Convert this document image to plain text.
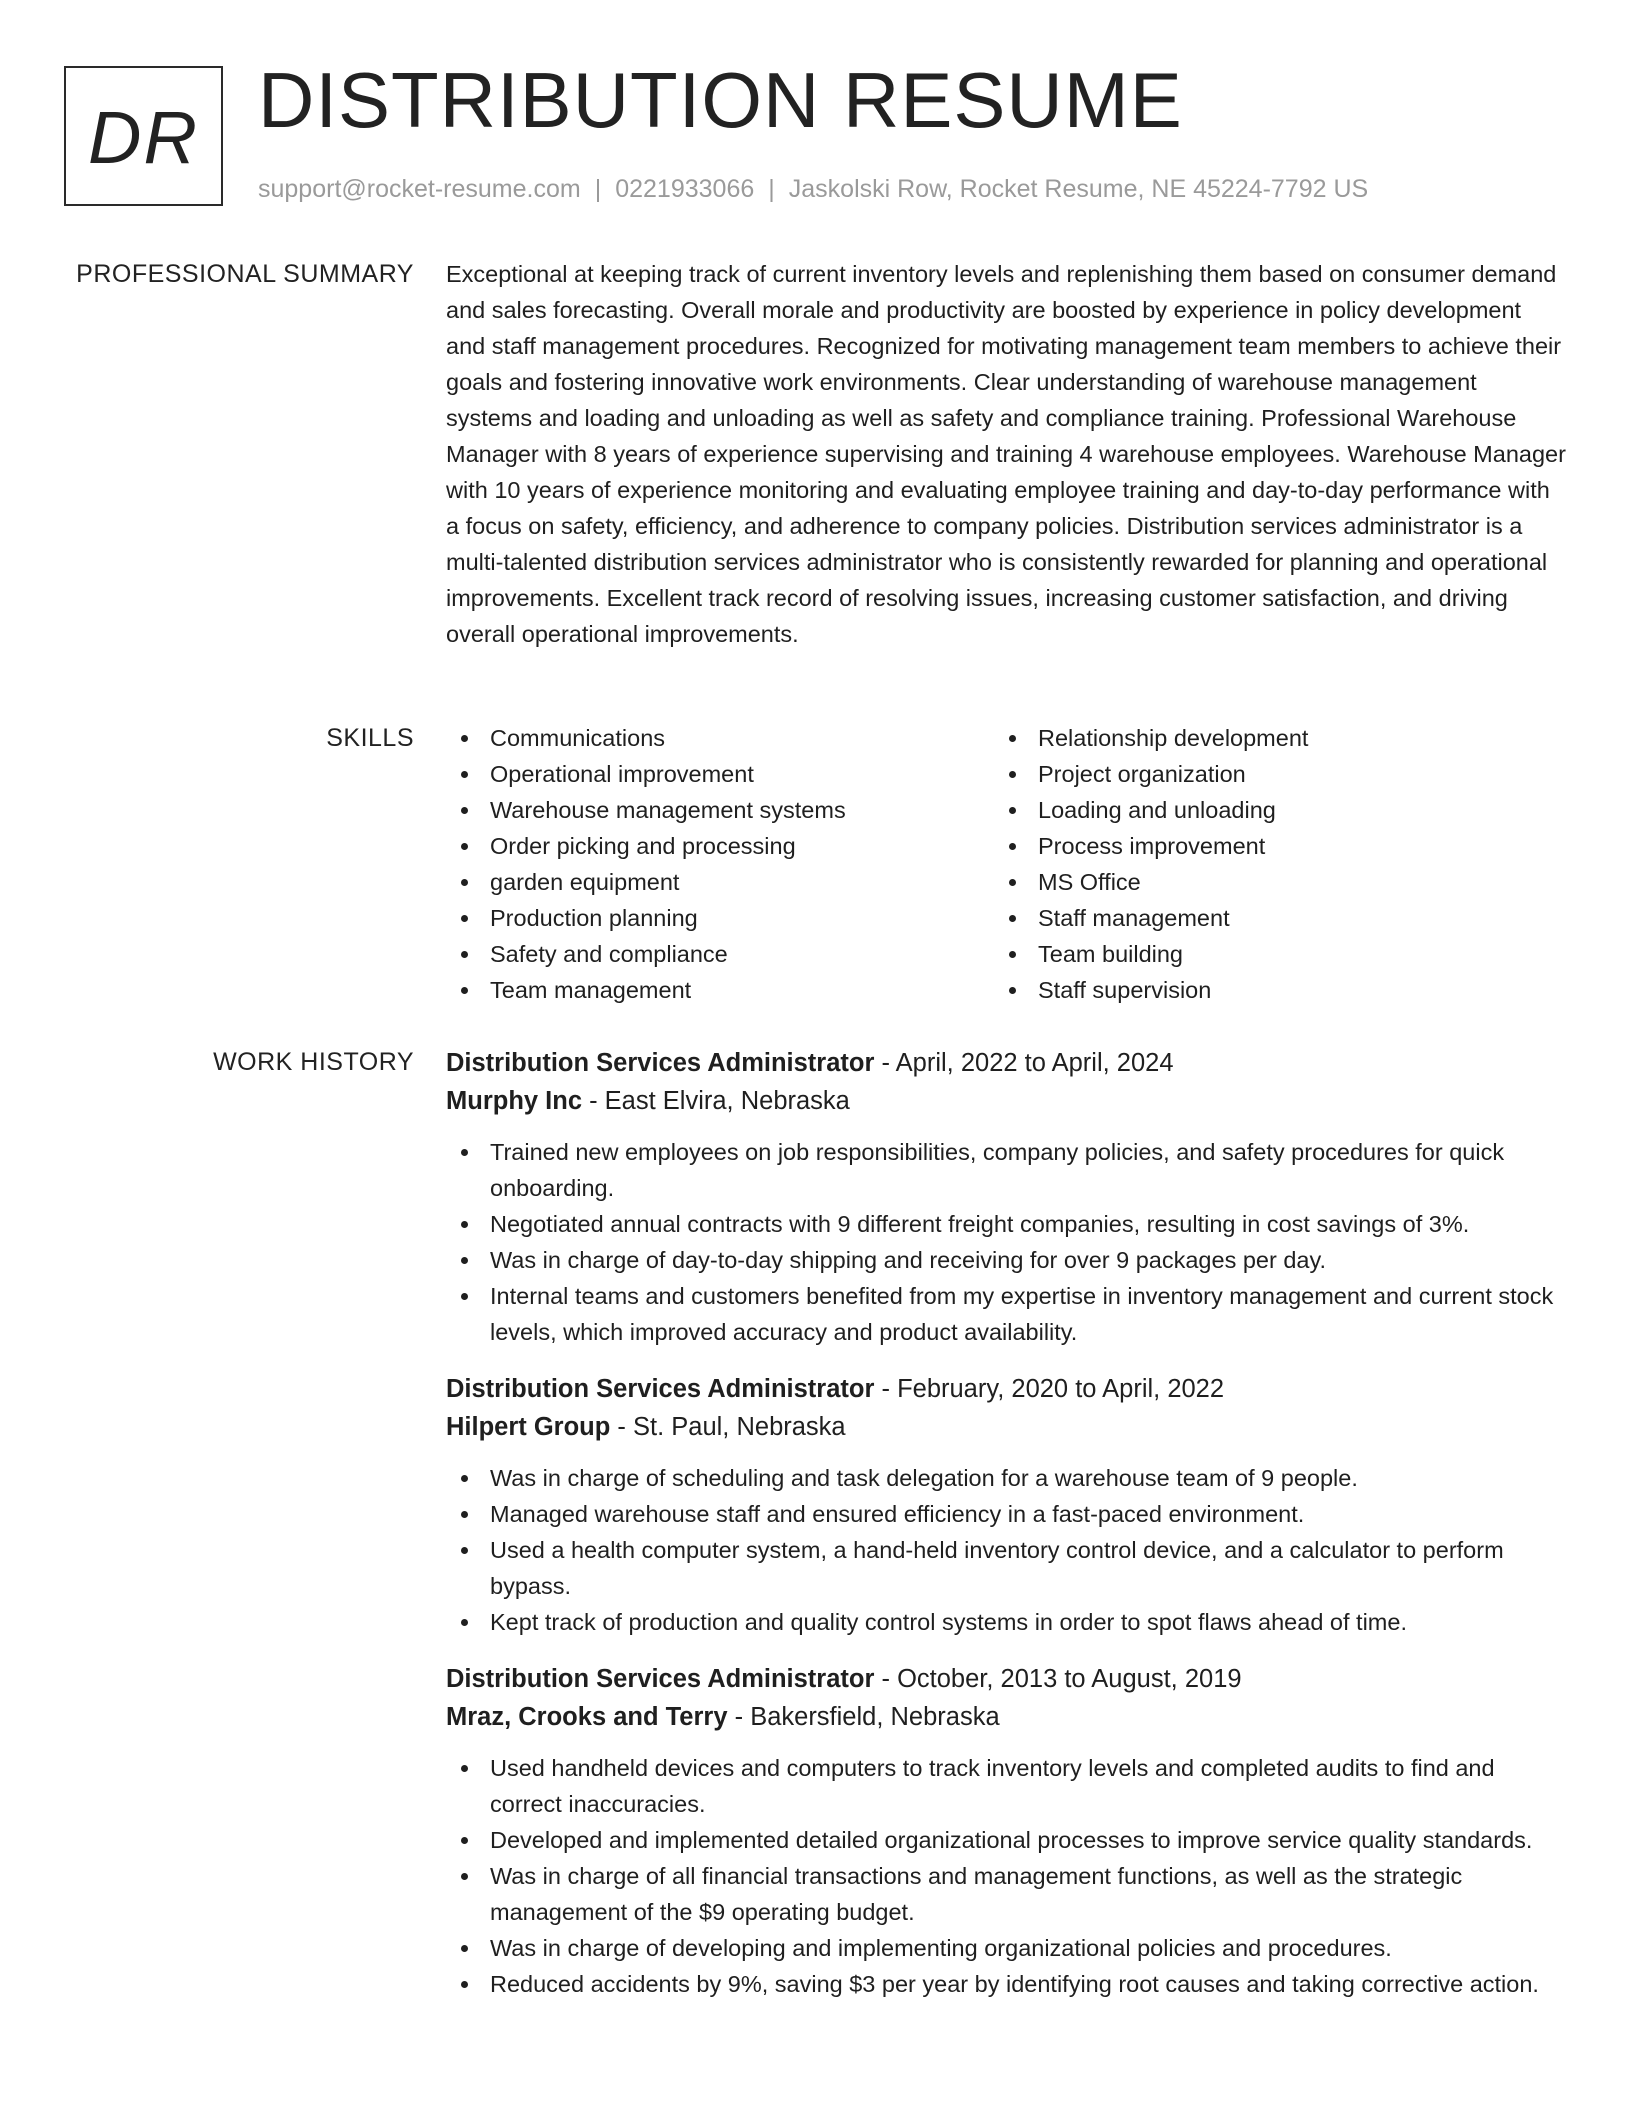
DR DISTRIBUTION RESUME
support@rocket-resume.com | 0221933066 | Jaskolski Row, Rocket Resume, NE 45224-7792 US
PROFESSIONAL SUMMARY Exceptional at keeping track of current inventory levels and replenishing them based on consumer demand and sales forecasting. Overall morale and productivity are boosted by experience in policy development and staff management procedures. Recognized for motivating management team members to achieve their goals and fostering innovative work environments. Clear understanding of warehouse management systems and loading and unloading as well as safety and compliance training. Professional Warehouse Manager with 8 years of experience supervising and training 4 warehouse employees. Warehouse Manager with 10 years of experience monitoring and evaluating employee training and day-to-day performance with a focus on safety, efficiency, and adherence to company policies. Distribution services administrator is a multi-talented distribution services administrator who is consistently rewarded for planning and operational improvements. Excellent track record of resolving issues, increasing customer satisfaction, and driving overall operational improvements.

SKILLS	Communications
Operational improvement
Warehouse management systems
Order picking and processing
garden equipment
Production planning
Safety and compliance
Team management
Relationship development
Project organization
Loading and unloading
Process improvement
MS Office
Staff management
Team building
Staff supervision
WORK HISTORY Distribution Services Administrator - April, 2022 to April, 2024
Murphy Inc - East Elvira, Nebraska
Trained new employees on job responsibilities, company policies, and safety procedures for quick onboarding.
Negotiated annual contracts with 9 different freight companies, resulting in cost savings of 3%.
Was in charge of day-to-day shipping and receiving for over 9 packages per day.
Internal teams and customers benefited from my expertise in inventory management and current stock levels, which improved accuracy and product availability.
Distribution Services Administrator - February, 2020 to April, 2022
Hilpert Group - St. Paul, Nebraska
Was in charge of scheduling and task delegation for a warehouse team of 9 people.
Managed warehouse staff and ensured efficiency in a fast-paced environment.
Used a health computer system, a hand-held inventory control device, and a calculator to perform bypass.
Kept track of production and quality control systems in order to spot flaws ahead of time.
Distribution Services Administrator - October, 2013 to August, 2019
Mraz, Crooks and Terry - Bakersfield, Nebraska
Used handheld devices and computers to track inventory levels and completed audits to find and correct inaccuracies.
Developed and implemented detailed organizational processes to improve service quality standards.
Was in charge of all financial transactions and management functions, as well as the strategic management of the $9 operating budget.
Was in charge of developing and implementing organizational policies and procedures.
Reduced accidents by 9%, saving $3 per year by identifying root causes and taking corrective action.
